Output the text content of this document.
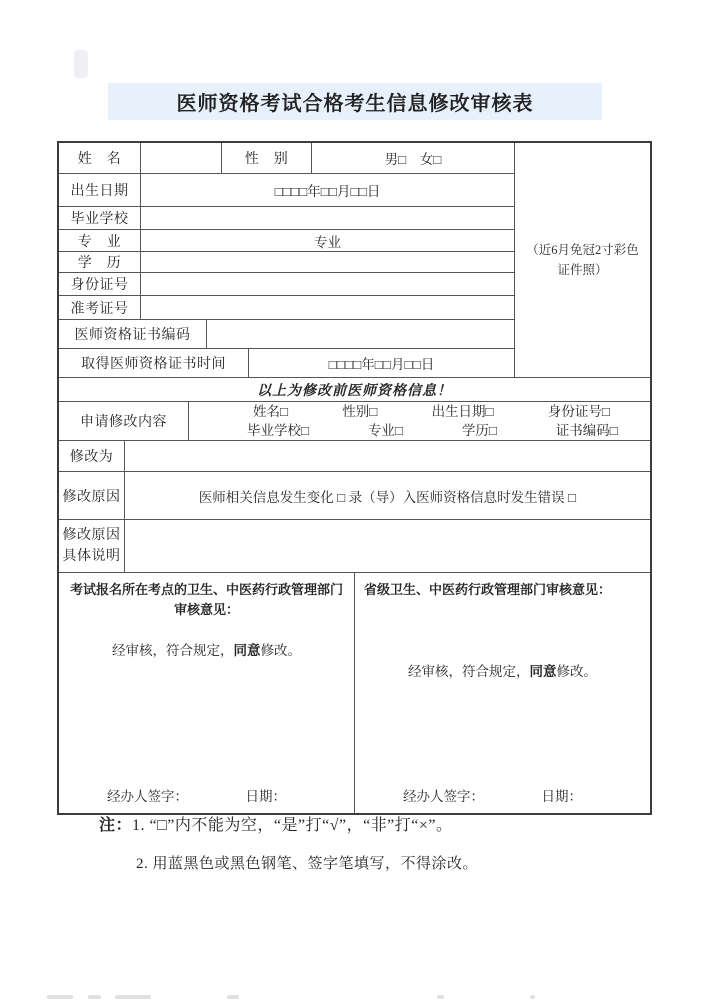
医师资格考试合格考生信息修改审核表
姓　名	性　别	男□　女□
出生日期	□□□□年□□月□□日
毕业学校
专　业	专业
学　历
身份证号
准考证号
医师资格证书编码
取得医师资格证书时间	□□□□年□□月□□日
（近6月免冠2寸彩色
证件照）
以上为修改前医师资格信息！
申请修改内容
姓名□	性别□	出生日期□	身份证号□
毕业学校□	专业□	学历□	证书编码□
修改为
修改原因	医师相关信息发生变化 □ 录（导）入医师资格信息时发生错误 □
修改原因
具体说明
考试报名所在考点的卫生、中医药行政管理部门
审核意见：
经审核，符合规定，同意修改。
经办人签字：	日期：
省级卫生、中医药行政管理部门审核意见：
经审核，符合规定，同意修改。
经办人签字：	日期：
注：1. “□”内不能为空，“是”打“√”，“非”打“×”。
2. 用蓝黑色或黑色钢笔、签字笔填写，不得涂改。
